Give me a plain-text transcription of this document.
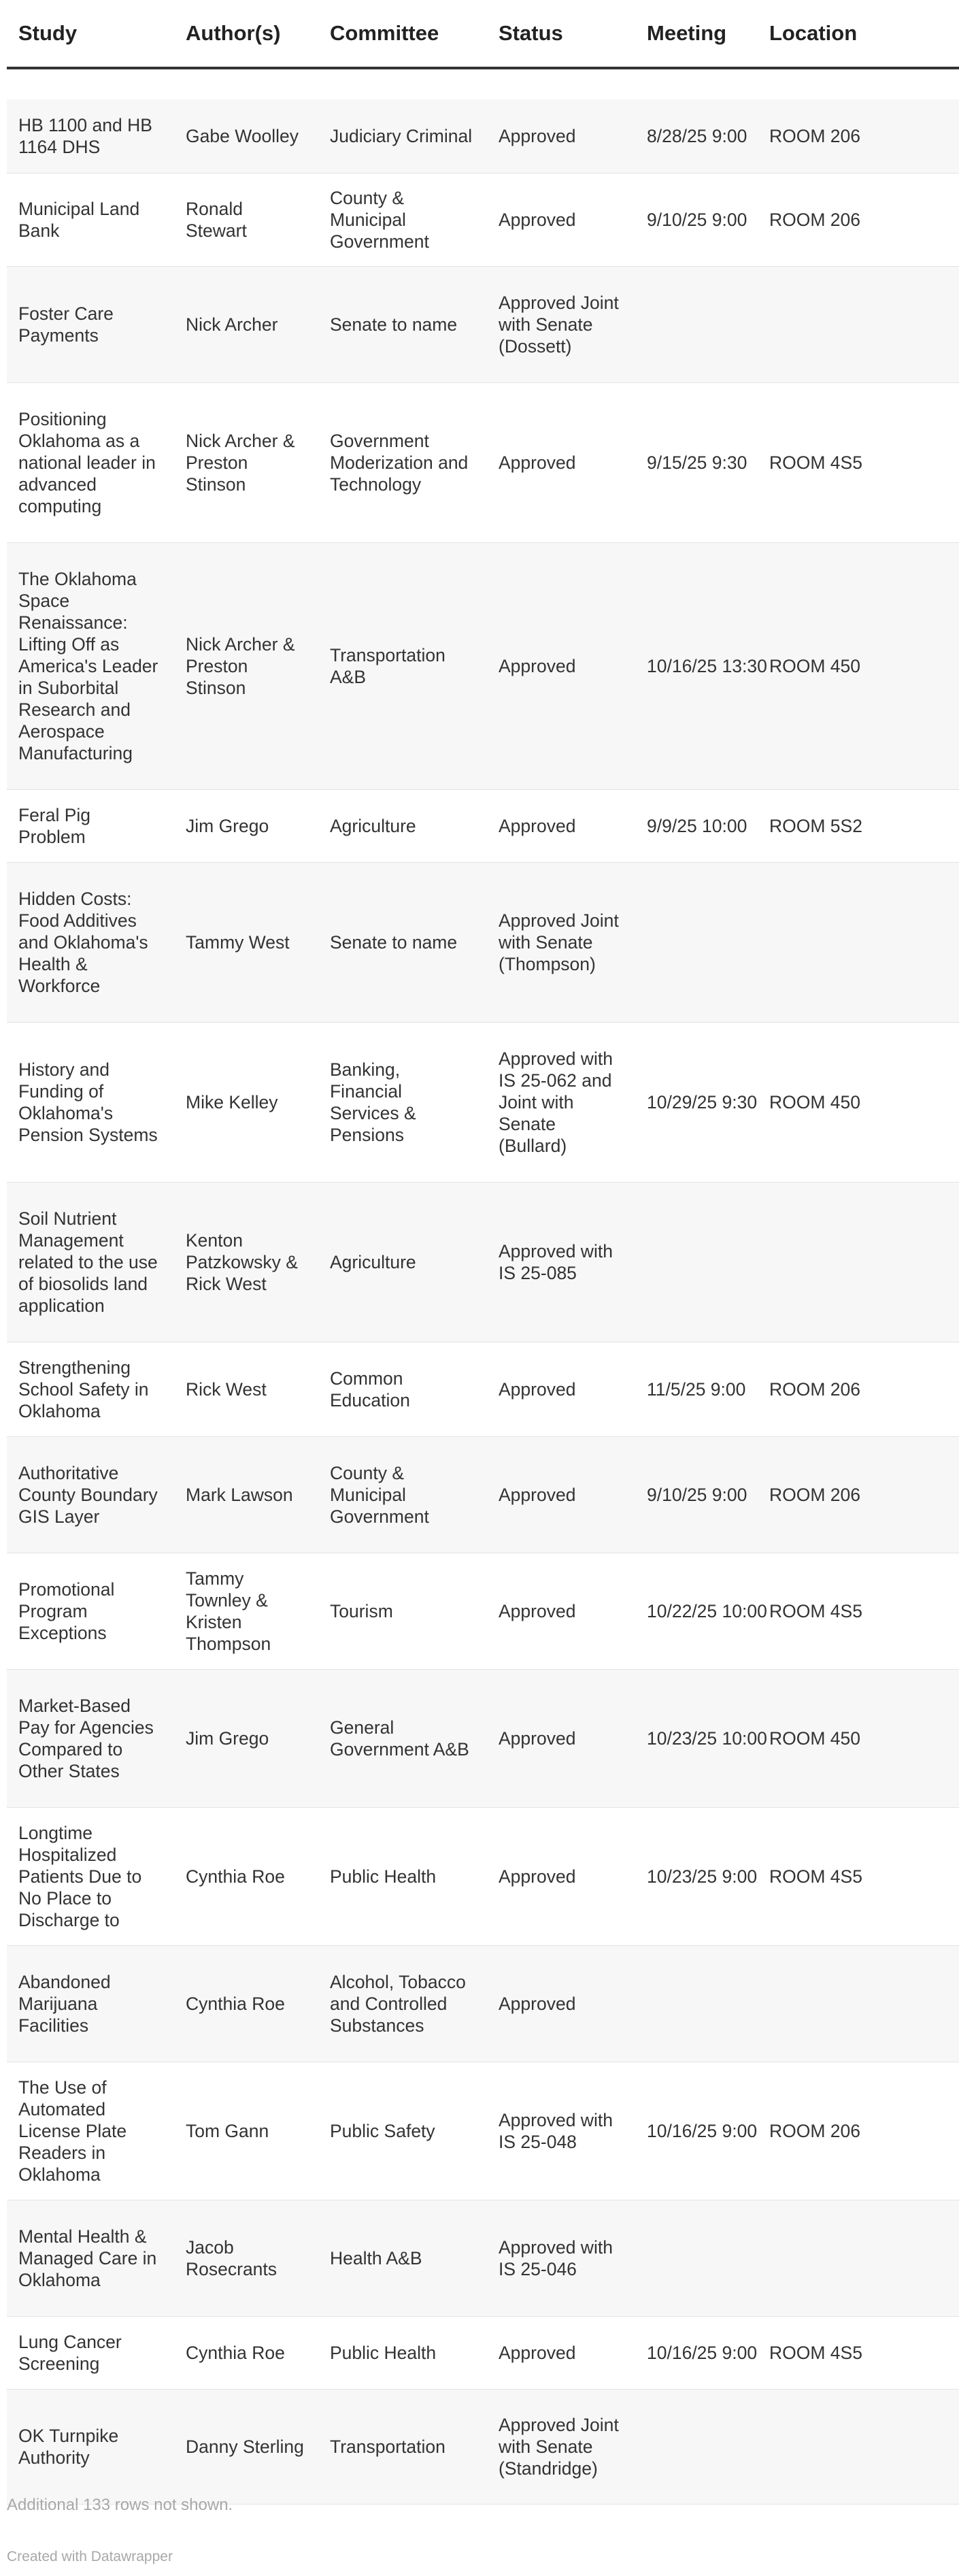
Study	Author(s)	Committee	Status	Meeting	Location

HB 1100 and HB 1164 DHS	Gabe Woolley	Judiciary Criminal	Approved	8/28/25 9:00	ROOM 206
Municipal Land Bank	Ronald Stewart	County & Municipal Government	Approved	9/10/25 9:00	ROOM 206
Foster Care Payments	Nick Archer	Senate to name	Approved Joint with Senate (Dossett)		
Positioning Oklahoma as a national leader in advanced computing	Nick Archer & Preston Stinson	Government Moderization and Technology	Approved	9/15/25 9:30	ROOM 4S5
The Oklahoma Space Renaissance: Lifting Off as America's Leader in Suborbital Research and Aerospace Manufacturing	Nick Archer & Preston Stinson	Transportation A&B	Approved	10/16/25 13:30	ROOM 450
Feral Pig Problem	Jim Grego	Agriculture	Approved	9/9/25 10:00	ROOM 5S2
Hidden Costs: Food Additives and Oklahoma's Health & Workforce	Tammy West	Senate to name	Approved Joint with Senate (Thompson)		
History and Funding of Oklahoma's Pension Systems	Mike Kelley	Banking, Financial Services & Pensions	Approved with IS 25-062 and Joint with Senate (Bullard)	10/29/25 9:30	ROOM 450
Soil Nutrient Management related to the use of biosolids land application	Kenton Patzkowsky & Rick West	Agriculture	Approved with IS 25-085		
Strengthening School Safety in Oklahoma	Rick West	Common Education	Approved	11/5/25 9:00	ROOM 206
Authoritative County Boundary GIS Layer	Mark Lawson	County & Municipal Government	Approved	9/10/25 9:00	ROOM 206
Promotional Program Exceptions	Tammy Townley & Kristen Thompson	Tourism	Approved	10/22/25 10:00	ROOM 4S5
Market-Based Pay for Agencies Compared to Other States	Jim Grego	General Government A&B	Approved	10/23/25 10:00	ROOM 450
Longtime Hospitalized Patients Due to No Place to Discharge to	Cynthia Roe	Public Health	Approved	10/23/25 9:00	ROOM 4S5
Abandoned Marijuana Facilities	Cynthia Roe	Alcohol, Tobacco and Controlled Substances	Approved		
The Use of Automated License Plate Readers in Oklahoma	Tom Gann	Public Safety	Approved with IS 25-048	10/16/25 9:00	ROOM 206
Mental Health & Managed Care in Oklahoma	Jacob Rosecrants	Health A&B	Approved with IS 25-046		
Lung Cancer Screening	Cynthia Roe	Public Health	Approved	10/16/25 9:00	ROOM 4S5
OK Turnpike Authority	Danny Sterling	Transportation	Approved Joint with Senate (Standridge)		
Additional 133 rows not shown.
Created with Datawrapper
